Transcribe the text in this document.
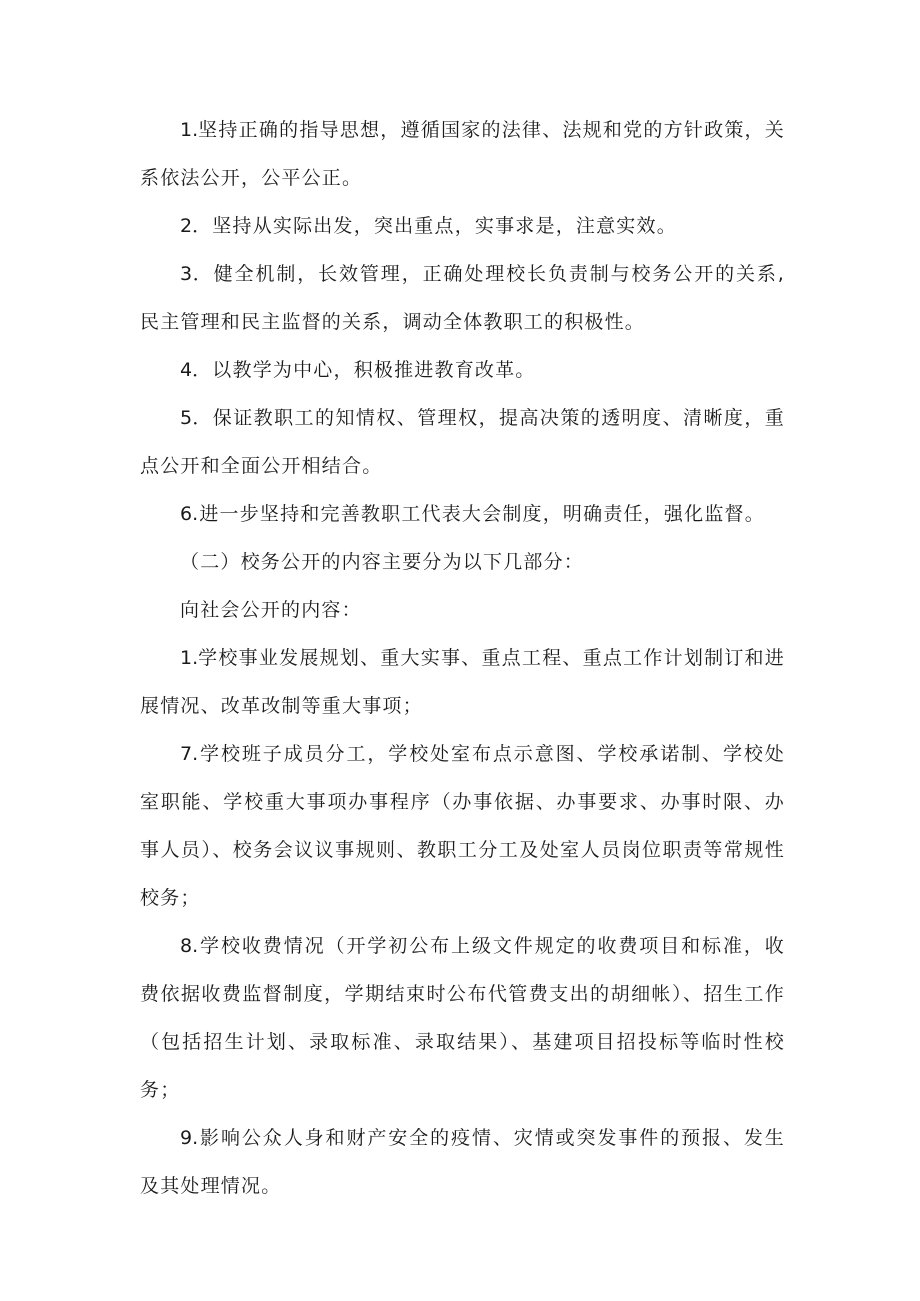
1.坚持正确的指导思想，遵循国家的法律、法规和党的方针政策，关系依法公开，公平公正。

2．坚持从实际出发，突出重点，实事求是，注意实效。

3．健全机制，长效管理，正确处理校长负责制与校务公开的关系,民主管理和民主监督的关系，调动全体教职工的积极性。

4．以教学为中心，积极推进教育改革。

5．保证教职工的知情权、管理权，提高决策的透明度、清晰度，重点公开和全面公开相结合。

6.进一步坚持和完善教职工代表大会制度，明确责任，强化监督。

（二）校务公开的内容主要分为以下几部分：

向社会公开的内容：

1.学校事业发展规划、重大实事、重点工程、重点工作计划制订和进展情况、改革改制等重大事项；

7.学校班子成员分工，学校处室布点示意图、学校承诺制、学校处室职能、学校重大事项办事程序（办事依据、办事要求、办事时限、办事人员）、校务会议议事规则、教职工分工及处室人员岗位职责等常规性校务；

8.学校收费情况（开学初公布上级文件规定的收费项目和标准，收费依据收费监督制度，学期结束时公布代管费支出的胡细帐）、招生工作（包括招生计划、录取标准、录取结果）、基建项目招投标等临时性校务；

9.影响公众人身和财产安全的疫情、灾情或突发事件的预报、发生及其处理情况。
